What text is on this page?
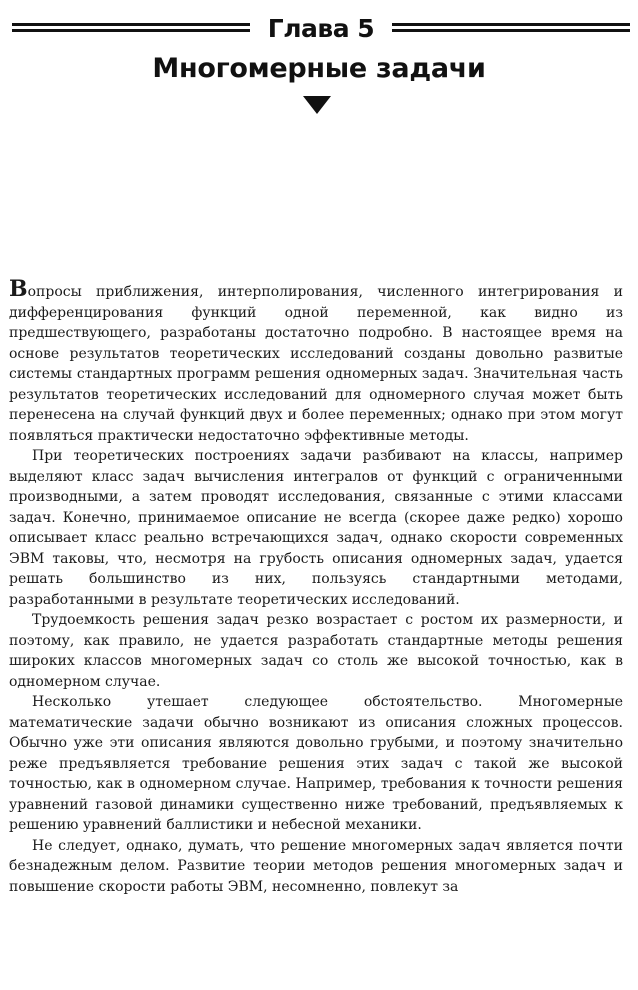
Глава 5
Многомерные задачи

Вопросы приближения, интерполирования, численного интегрирования и дифференцирования функций одной переменной, как видно из предшествующего, разработаны достаточно подробно. В настоящее время на основе результатов теоретических исследований созданы довольно развитые системы стандартных программ решения одномерных задач. Значительная часть результатов теоретических исследований для одномерного случая может быть перенесена на случай функций двух и более переменных; однако при этом могут появляться практически недостаточно эффективные методы.

При теоретических построениях задачи разбивают на классы, например выделяют класс задач вычисления интегралов от функций с ограниченными производными, а затем проводят исследования, связанные с этими классами задач. Конечно, принимаемое описание не всегда (скорее даже редко) хорошо описывает класс реально встречающихся задач, однако скорости современных ЭВМ таковы, что, несмотря на грубость описания одномерных задач, удается решать большинство из них, пользуясь стандартными методами, разработанными в результате теоретических исследований.

Трудоемкость решения задач резко возрастает с ростом их размерности, и поэтому, как правило, не удается разработать стандартные методы решения широких классов многомерных задач со столь же высокой точностью, как в одномерном случае.

Несколько утешает следующее обстоятельство. Многомерные математические задачи обычно возникают из описания сложных процессов. Обычно уже эти описания являются довольно грубыми, и поэтому значительно реже предъявляется требование решения этих задач с такой же высокой точностью, как в одномерном случае. Например, требования к точности решения уравнений газовой динамики существенно ниже требований, предъявляемых к решению уравнений баллистики и небесной механики.

Не следует, однако, думать, что решение многомерных задач является почти безнадежным делом. Развитие теории методов решения многомерных задач и повышение скорости работы ЭВМ, несомненно, повлекут за
